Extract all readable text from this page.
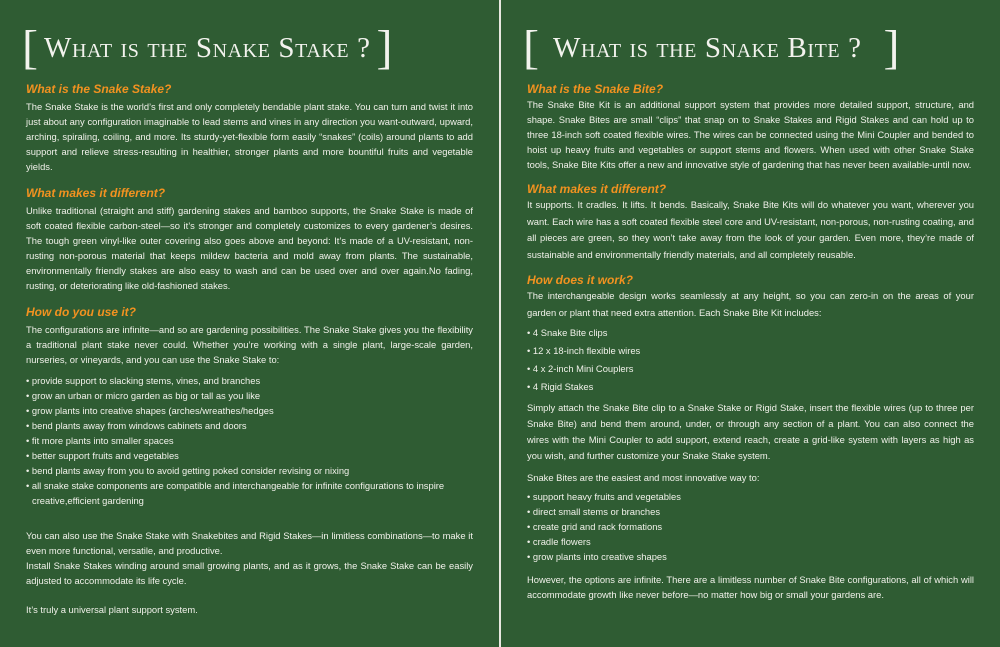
[ What is the Snake Stake ? ]
What is the Snake Stake?

The Snake Stake is the world’s first and only completely bendable plant stake. You can turn and twist it into just about any configuration imaginable to lead stems and vines in any direction you want-outward, upward, arching, spiraling, coiling, and more. Its sturdy-yet-flexible form easily “snakes” (coils) around plants to add support and relieve stress-resulting in healthier, stronger plants and more bountiful fruits and vegetable yields.

What makes it different?

Unlike traditional (straight and stiff) gardening stakes and bamboo supports, the Snake Stake is made of soft coated flexible carbon-steel—so it’s stronger and completely customizes to every gardener’s desires. The tough green vinyl-like outer covering also goes above and beyond: It’s made of a UV-resistant, non-rusting non-porous material that keeps mildew bacteria and mold away from plants. The sustainable, environmentally friendly stakes are also easy to wash and can be used over and over again.No fading, rusting, or deteriorating like old-fashioned stakes.

How do you use it?

The configurations are infinite—and so are gardening possibilities. The Snake Stake gives you the flexibility a traditional plant stake never could. Whether you’re working with a single plant, large-scale garden, nurseries, or vineyards, and you can use the Snake Stake to:

• provide support to slacking stems, vines, and branches
• grow an urban or micro garden as big or tall as you like
• grow plants into creative shapes (arches/wreathes/hedges
• bend plants away from windows cabinets and doors
• fit more plants into smaller spaces
• better support fruits and vegetables
• bend plants away from you to avoid getting poked consider revising or nixing
• all snake stake components are compatible and interchangeable for infinite configurations to inspire creative,efficient gardening

You can also use the Snake Stake with Snakebites and Rigid Stakes—in limitless combinations—to make it even more functional, versatile, and productive.

Install Snake Stakes winding around small growing plants, and as it grows, the Snake Stake can be easily adjusted to accommodate its life cycle.

It’s truly a universal plant support system.

[ What is the Snake Bite ? ]
What is the Snake Bite?

The Snake Bite Kit is an additional support system that provides more detailed support, structure, and shape. Snake Bites are small “clips” that snap on to Snake Stakes and Rigid Stakes and can hold up to three 18-inch soft coated flexible wires. The wires can be connected using the Mini Coupler and bended to hoist up heavy fruits and vegetables or support stems and flowers. When used with other Snake Stake tools, Snake Bite Kits offer a new and innovative style of gardening that has never been available-until now.

What makes it different?

It supports. It cradles. It lifts. It bends. Basically, Snake Bite Kits will do whatever you want, wherever you want. Each wire has a soft coated flexible steel core and UV-resistant, non-porous, non-rusting coating, and all pieces are green, so they won’t take away from the look of your garden. Even more, they’re made of sustainable and environmentally friendly materials, and all completely reusable.

How does it work?

The interchangeable design works seamlessly at any height, so you can zero-in on the areas of your garden or plant that need extra attention. Each Snake Bite Kit includes:

• 4 Snake Bite clips
• 12 x 18-inch flexible wires
• 4 x 2-inch Mini Couplers
• 4 Rigid Stakes

Simply attach the Snake Bite clip to a Snake Stake or Rigid Stake, insert the flexible wires (up to three per Snake Bite) and bend them around, under, or through any section of a plant. You can also connect the wires with the Mini Coupler to add support, extend reach, create a grid-like system with layers as high as you wish, and further customize your Snake Stake system.

Snake Bites are the easiest and most innovative way to:

• support heavy fruits and vegetables
• direct small stems or branches
• create grid and rack formations
• cradle flowers
• grow plants into creative shapes

However, the options are infinite. There are a limitless number of Snake Bite configurations, all of which will accommodate growth like never before—no matter how big or small your gardens are.
